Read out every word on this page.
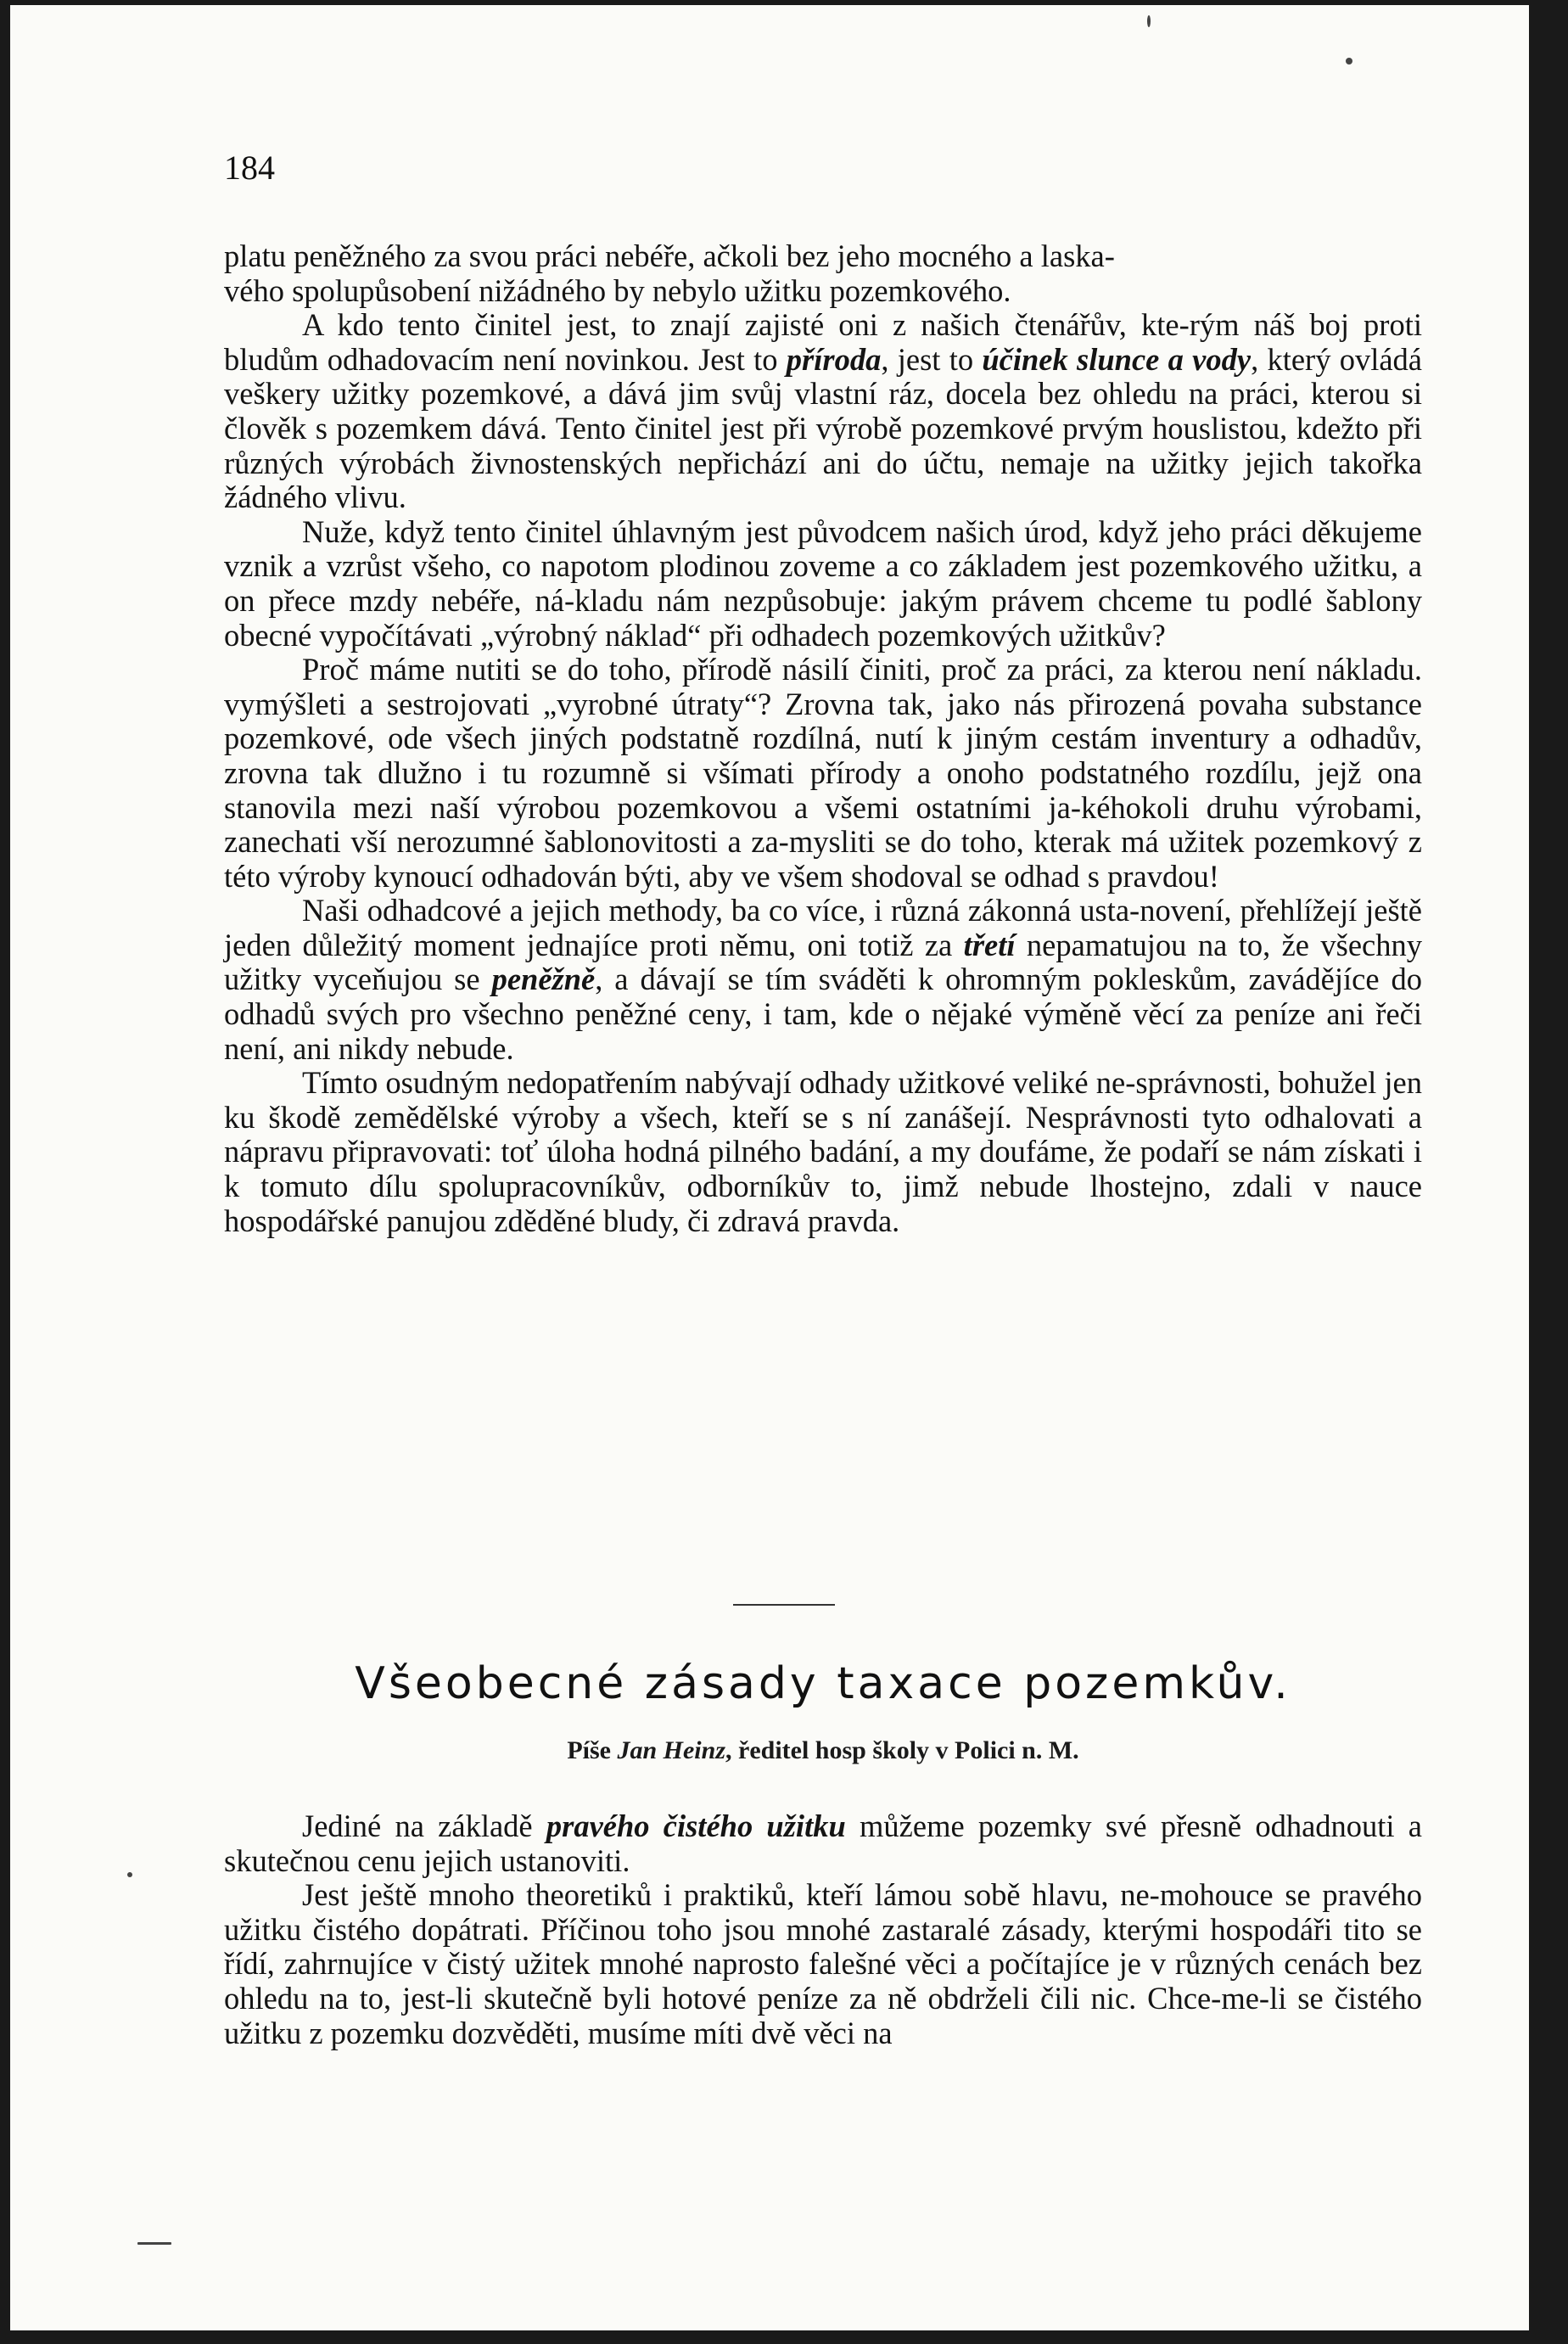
184

platu peněžného za svou práci nebéře, ačkoli bez jeho mocného a laska-
vého spolupůsobení nižádného by nebylo užitku pozemkového.

A kdo tento činitel jest, to znají zajisté oni z našich čtenářův, kte-rým náš boj proti bludům odhadovacím není novinkou. Jest to příroda, jest to účinek slunce a vody, který ovládá veškery užitky pozemkové, a dává jim svůj vlastní ráz, docela bez ohledu na práci, kterou si člověk s pozemkem dává. Tento činitel jest při výrobě pozemkové prvým houslistou, kdežto při různých výrobách živnostenských nepřichází ani do účtu, nemaje na užitky jejich takořka žádného vlivu.

Nuže, když tento činitel úhlavným jest původcem našich úrod, když jeho práci děkujeme vznik a vzrůst všeho, co napotom plodinou zoveme a co základem jest pozemkového užitku, a on přece mzdy nebéře, ná-kladu nám nezpůsobuje: jakým právem chceme tu podlé šablony obecné vypočítávati „výrobný náklad“ při odhadech pozemkových užitkův?

Proč máme nutiti se do toho, přírodě násilí činiti, proč za práci, za kterou není nákladu. vymýšleti a sestrojovati „vyrobné útraty“? Zrovna tak, jako nás přirozená povaha substance pozemkové, ode všech jiných podstatně rozdílná, nutí k jiným cestám inventury a odhadův, zrovna tak dlužno i tu rozumně si všímati přírody a onoho podstatného rozdílu, jejž ona stanovila mezi naší výrobou pozemkovou a všemi ostatními ja-kéhokoli druhu výrobami, zanechati vší nerozumné šablonovitosti a za-mysliti se do toho, kterak má užitek pozemkový z této výroby kynoucí odhadován býti, aby ve všem shodoval se odhad s pravdou!

Naši odhadcové a jejich methody, ba co více, i různá zákonná usta-novení, přehlížejí ještě jeden důležitý moment jednajíce proti němu, oni totiž za třetí nepamatujou na to, že všechny užitky vyceňujou se peněžně, a dávají se tím sváděti k ohromným pokleskům, zavádějíce do odhadů svých pro všechno peněžné ceny, i tam, kde o nějaké výměně věcí za peníze ani řeči není, ani nikdy nebude.

Tímto osudným nedopatřením nabývají odhady užitkové veliké ne-správnosti, bohužel jen ku škodě zemědělské výroby a všech, kteří se s ní zanášejí. Nesprávnosti tyto odhalovati a nápravu připravovati: toť úloha hodná pilného badání, a my doufáme, že podaří se nám získati i k tomuto dílu spolupracovníkův, odborníkův to, jimž nebude lhostejno, zdali v nauce hospodářské panujou zděděné bludy, či zdravá pravda.

Všeobecné zásady taxace pozemkův.

Píše Jan Heinz, ředitel hosp školy v Polici n. M.

Jediné na základě pravého čistého užitku můžeme pozemky své přesně odhadnouti a skutečnou cenu jejich ustanoviti.

Jest ještě mnoho theoretiků i praktiků, kteří lámou sobě hlavu, ne-mohouce se pravého užitku čistého dopátrati. Příčinou toho jsou mnohé zastaralé zásady, kterými hospodáři tito se řídí, zahrnujíce v čistý užitek mnohé naprosto falešné věci a počítajíce je v různých cenách bez ohledu na to, jest-li skutečně byli hotové peníze za ně obdrželi čili nic. Chce-me-li se čistého užitku z pozemku dozvěděti, musíme míti dvě věci na
